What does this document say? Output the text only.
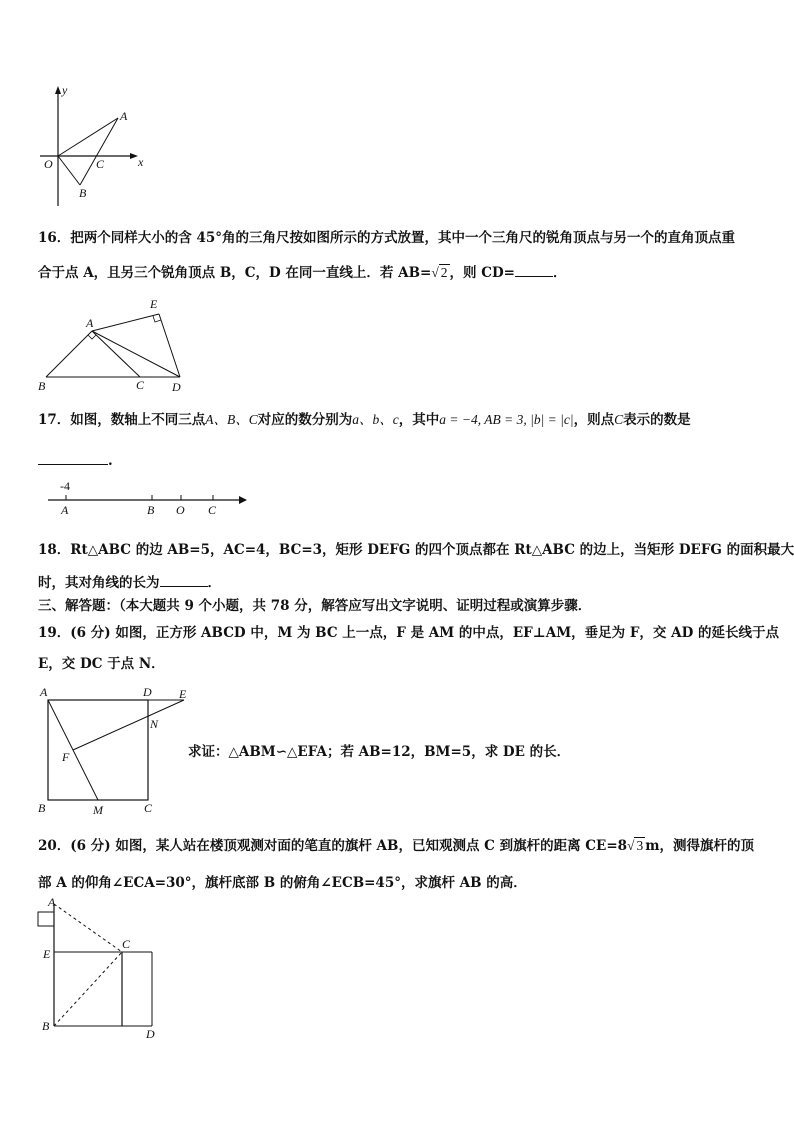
y
x
O
A
B
C
16．把两个同样大小的含 45°角的三角尺按如图所示的方式放置，其中一个三角尺的锐角顶点与另一个的直角顶点重
合于点 A，且另三个锐角顶点 B，C，D 在同一直线上．若 AB=√ 2 ，则 CD=	．
E
A
B	C D
17．如图，数轴上不同三点A、B、C对应的数分别为a、b、c，其中a = −4, AB = 3, |b| = |c|，则点C表示的数是
.
-4
A	B O C
18．Rt△ABC 的边 AB=5，AC=4，BC=3，矩形 DEFG 的四个顶点都在 Rt△ABC 的边上，当矩形 DEFG 的面积最大
时，其对角线的长为	．
三、解答题：（本大题共 9 个小题，共 78 分，解答应写出文字说明、证明过程或演算步骤．
19．(6 分) 如图，正方形 ABCD 中，M 为 BC 上一点，F 是 AM 的中点，EF⊥AM，垂足为 F，交 AD 的延长线于点
E，交 DC 于点 N．
A	D E
N
F
B	M	C
求证：△ABM∽△EFA；若 AB=12，BM=5，求 DE 的长．
20．(6 分) 如图，某人站在楼顶观测对面的笔直的旗杆 AB，已知观测点 C 到旗杆的距离 CE=8√ 3 m，测得旗杆的顶
部 A 的仰角∠ECA=30°，旗杆底部 B 的俯角∠ECB=45°，求旗杆 AB 的高．
A
C
E
B
D
